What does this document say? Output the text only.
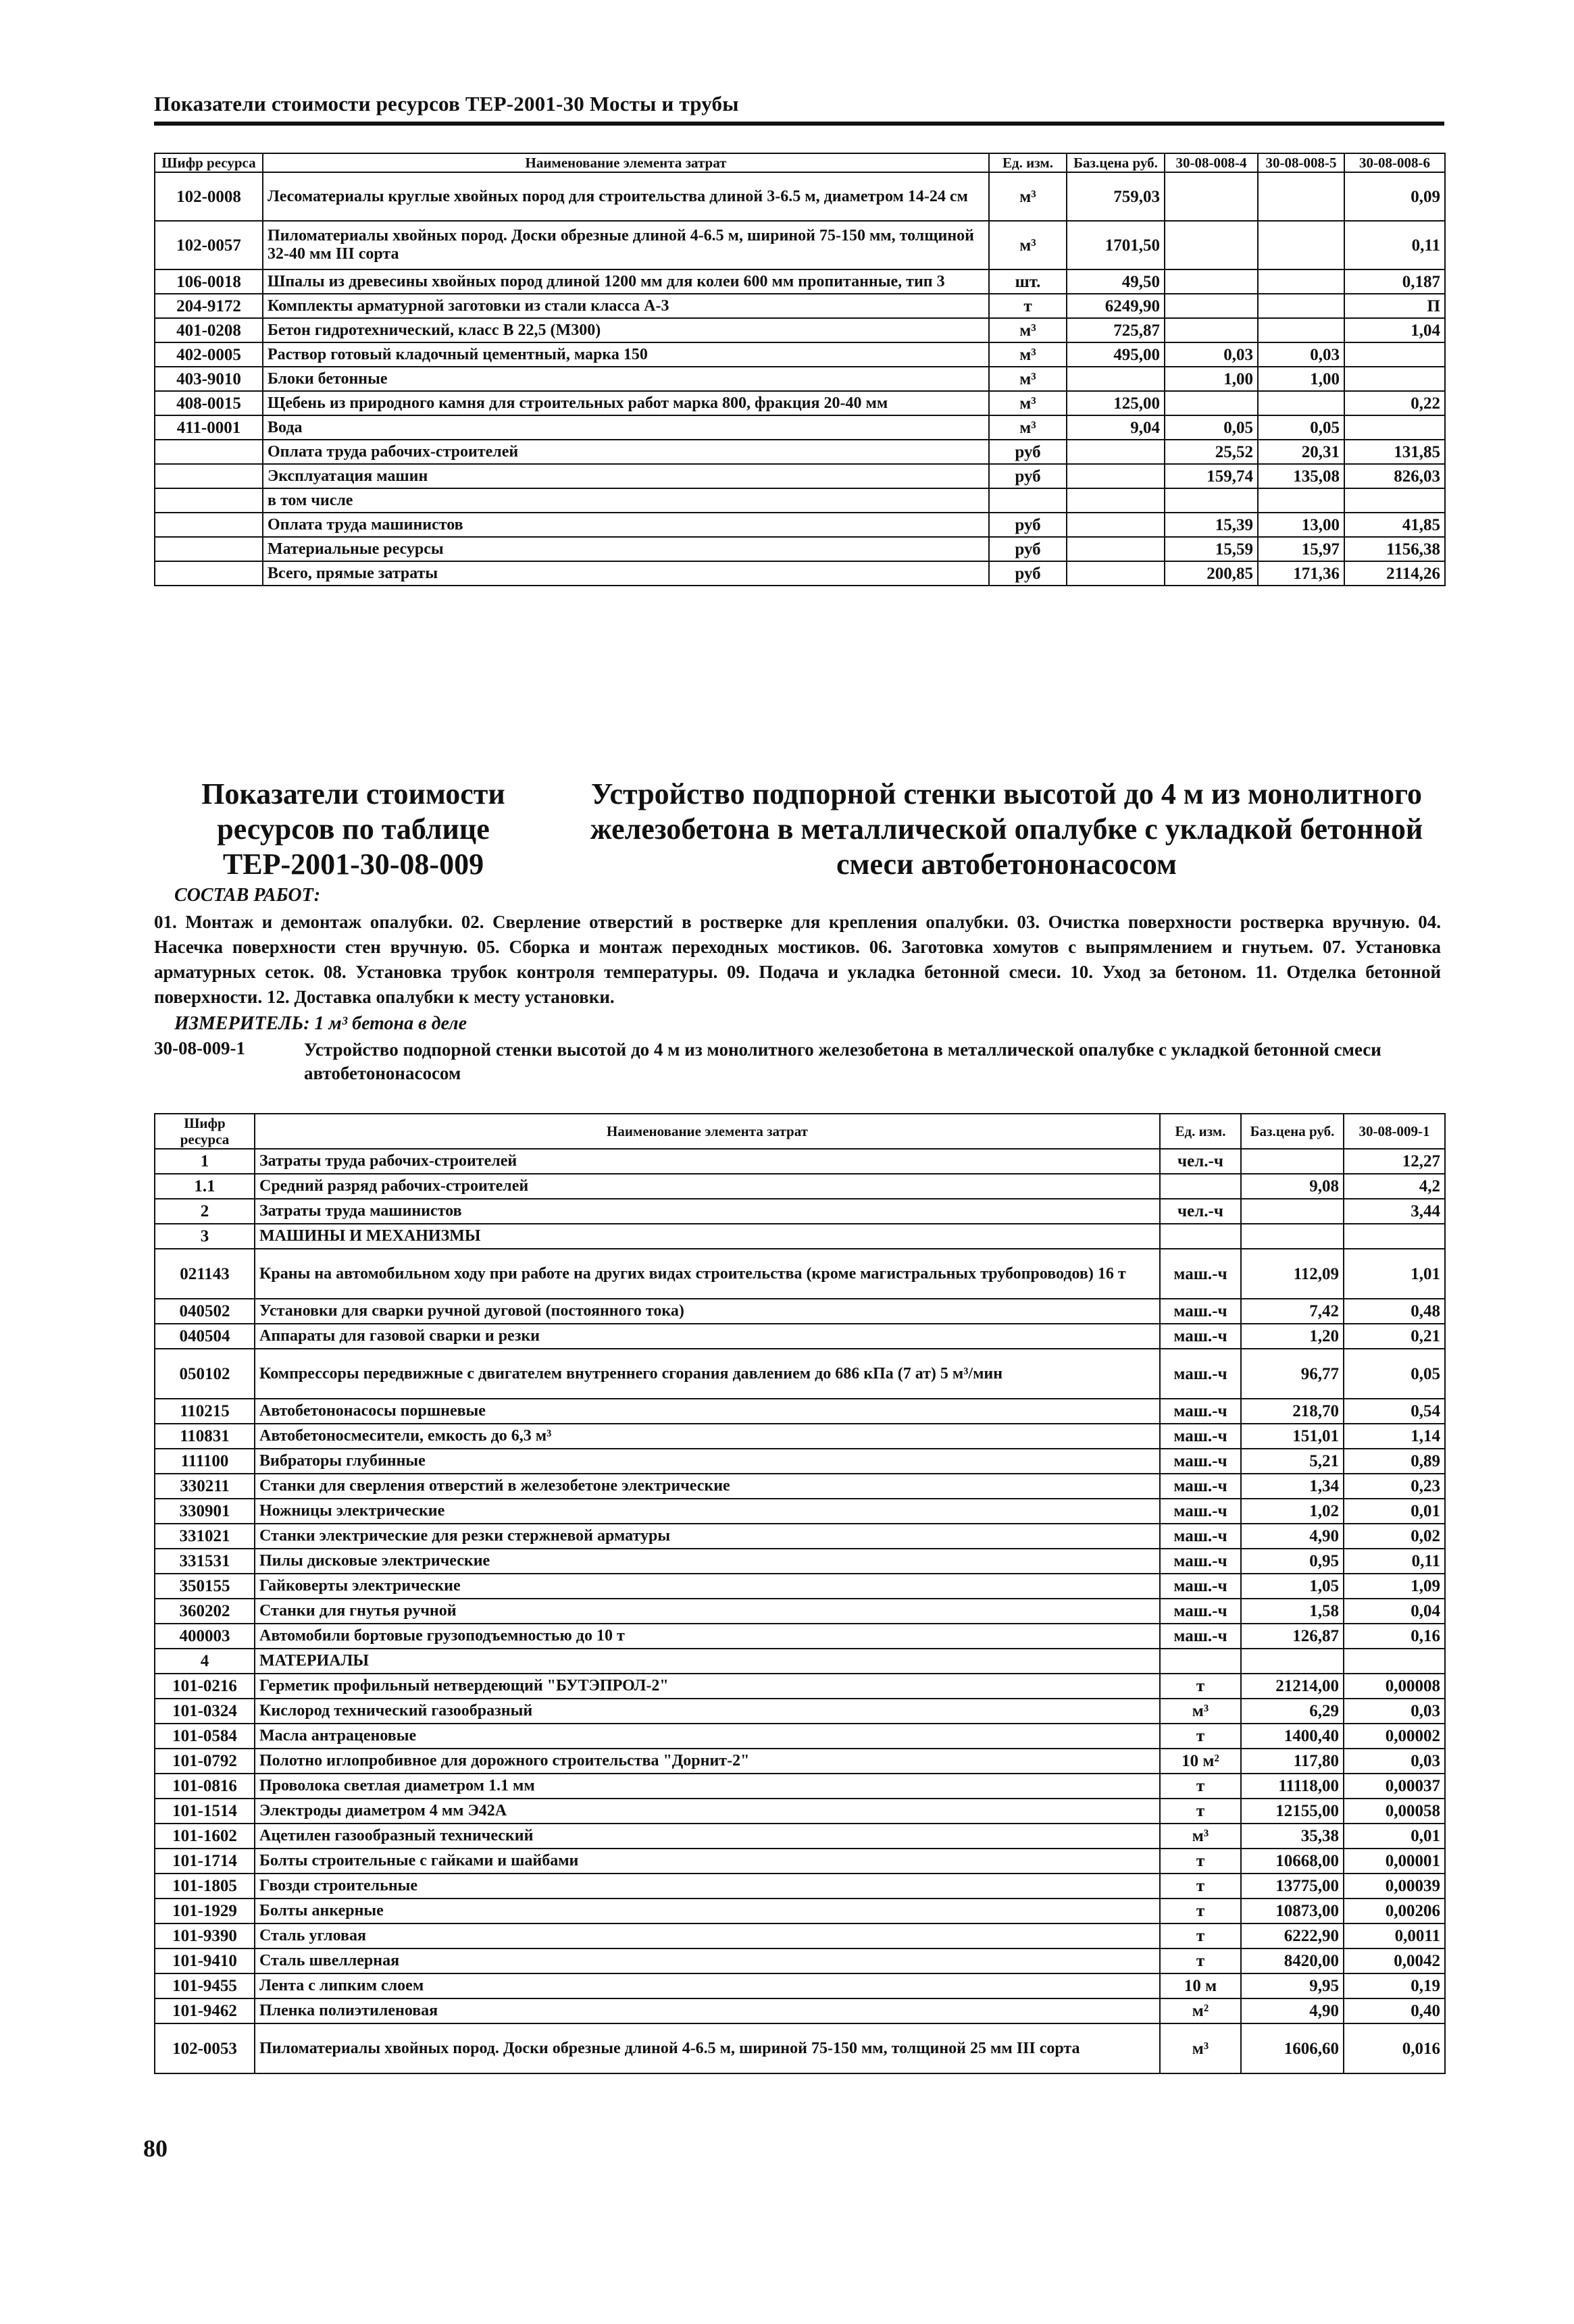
Показатели стоимости ресурсов ТЕР-2001-30 Мосты и трубы
Шифр ресурса	Наименование элемента затрат	Ед. изм.	Баз.цена руб.	30-08-008-4	30-08-008-5	30-08-008-6
102-0008	Лесоматериалы круглые хвойных пород для строительства длиной 3-6.5 м, диаметром 14-24 см	м³	759,03			0,09
102-0057	Пиломатериалы хвойных пород. Доски обрезные длиной 4-6.5 м, шириной 75-150 мм, толщиной 32-40 мм III сорта	м³	1701,50			0,11
106-0018	Шпалы из древесины хвойных пород длиной 1200 мм для колеи 600 мм пропитанные, тип 3	шт.	49,50			0,187
204-9172	Комплекты арматурной заготовки из стали класса А-3	т	6249,90			П
401-0208	Бетон гидротехнический, класс В 22,5 (М300)	м³	725,87			1,04
402-0005	Раствор готовый кладочный цементный, марка 150	м³	495,00	0,03	0,03	
403-9010	Блоки бетонные	м³		1,00	1,00	
408-0015	Щебень из природного камня для строительных работ марка 800, фракция 20-40 мм	м³	125,00			0,22
411-0001	Вода	м³	9,04	0,05	0,05	
	Оплата труда рабочих-строителей	руб		25,52	20,31	131,85
	Эксплуатация машин	руб		159,74	135,08	826,03
	в том числе					
	Оплата труда машинистов	руб		15,39	13,00	41,85
	Материальные ресурсы	руб		15,59	15,97	1156,38
	Всего, прямые затраты	руб		200,85	171,36	2114,26
Показатели стоимости ресурсов по таблице ТЕР-2001-30-08-009
Устройство подпорной стенки высотой до 4 м из монолитного железобетона в металлической опалубке с укладкой бетонной смеси автобетононасосом
СОСТАВ РАБОТ:
01. Монтаж и демонтаж опалубки. 02. Сверление отверстий в ростверке для крепления опалубки. 03. Очистка поверхности ростверка вручную. 04. Насечка поверхности стен вручную. 05. Сборка и монтаж переходных мостиков. 06. Заготовка хомутов с выпрямлением и гнутьем. 07. Установка арматурных сеток. 08. Установка трубок контроля температуры. 09. Подача и укладка бетонной смеси. 10. Уход за бетоном. 11. Отделка бетонной поверхности. 12. Доставка опалубки к месту установки.
ИЗМЕРИТЕЛЬ: 1 м³ бетона в деле
30-08-009-1	Устройство подпорной стенки высотой до 4 м из монолитного железобетона в металлической опалубке с укладкой бетонной смеси автобетононасосом
Шифр ресурса	Наименование элемента затрат	Ед. изм.	Баз.цена руб.	30-08-009-1
1	Затраты труда рабочих-строителей	чел.-ч		12,27
1.1	Средний разряд рабочих-строителей		9,08	4,2
2	Затраты труда машинистов	чел.-ч		3,44
3	МАШИНЫ И МЕХАНИЗМЫ			
021143	Краны на автомобильном ходу при работе на других видах строительства (кроме магистральных трубопроводов) 16 т	маш.-ч	112,09	1,01
040502	Установки для сварки ручной дуговой (постоянного тока)	маш.-ч	7,42	0,48
040504	Аппараты для газовой сварки и резки	маш.-ч	1,20	0,21
050102	Компрессоры передвижные с двигателем внутреннего сгорания давлением до 686 кПа (7 ат) 5 м³/мин	маш.-ч	96,77	0,05
110215	Автобетононасосы поршневые	маш.-ч	218,70	0,54
110831	Автобетоносмесители, емкость до 6,3 м³	маш.-ч	151,01	1,14
111100	Вибраторы глубинные	маш.-ч	5,21	0,89
330211	Станки для сверления отверстий в железобетоне электрические	маш.-ч	1,34	0,23
330901	Ножницы электрические	маш.-ч	1,02	0,01
331021	Станки электрические для резки стержневой арматуры	маш.-ч	4,90	0,02
331531	Пилы дисковые электрические	маш.-ч	0,95	0,11
350155	Гайковерты электрические	маш.-ч	1,05	1,09
360202	Станки для гнутья ручной	маш.-ч	1,58	0,04
400003	Автомобили бортовые грузоподъемностью до 10 т	маш.-ч	126,87	0,16
4	МАТЕРИАЛЫ			
101-0216	Герметик профильный нетвердеющий "БУТЭПРОЛ-2"	т	21214,00	0,00008
101-0324	Кислород технический газообразный	м³	6,29	0,03
101-0584	Масла антраценовые	т	1400,40	0,00002
101-0792	Полотно иглопробивное для дорожного строительства "Дорнит-2"	10 м²	117,80	0,03
101-0816	Проволока светлая диаметром 1.1 мм	т	11118,00	0,00037
101-1514	Электроды диаметром 4 мм Э42А	т	12155,00	0,00058
101-1602	Ацетилен газообразный технический	м³	35,38	0,01
101-1714	Болты строительные с гайками и шайбами	т	10668,00	0,00001
101-1805	Гвозди строительные	т	13775,00	0,00039
101-1929	Болты анкерные	т	10873,00	0,00206
101-9390	Сталь угловая	т	6222,90	0,0011
101-9410	Сталь швеллерная	т	8420,00	0,0042
101-9455	Лента с липким слоем	10 м	9,95	0,19
101-9462	Пленка полиэтиленовая	м²	4,90	0,40
102-0053	Пиломатериалы хвойных пород. Доски обрезные длиной 4-6.5 м, шириной 75-150 мм, толщиной 25 мм III сорта	м³	1606,60	0,016
80
